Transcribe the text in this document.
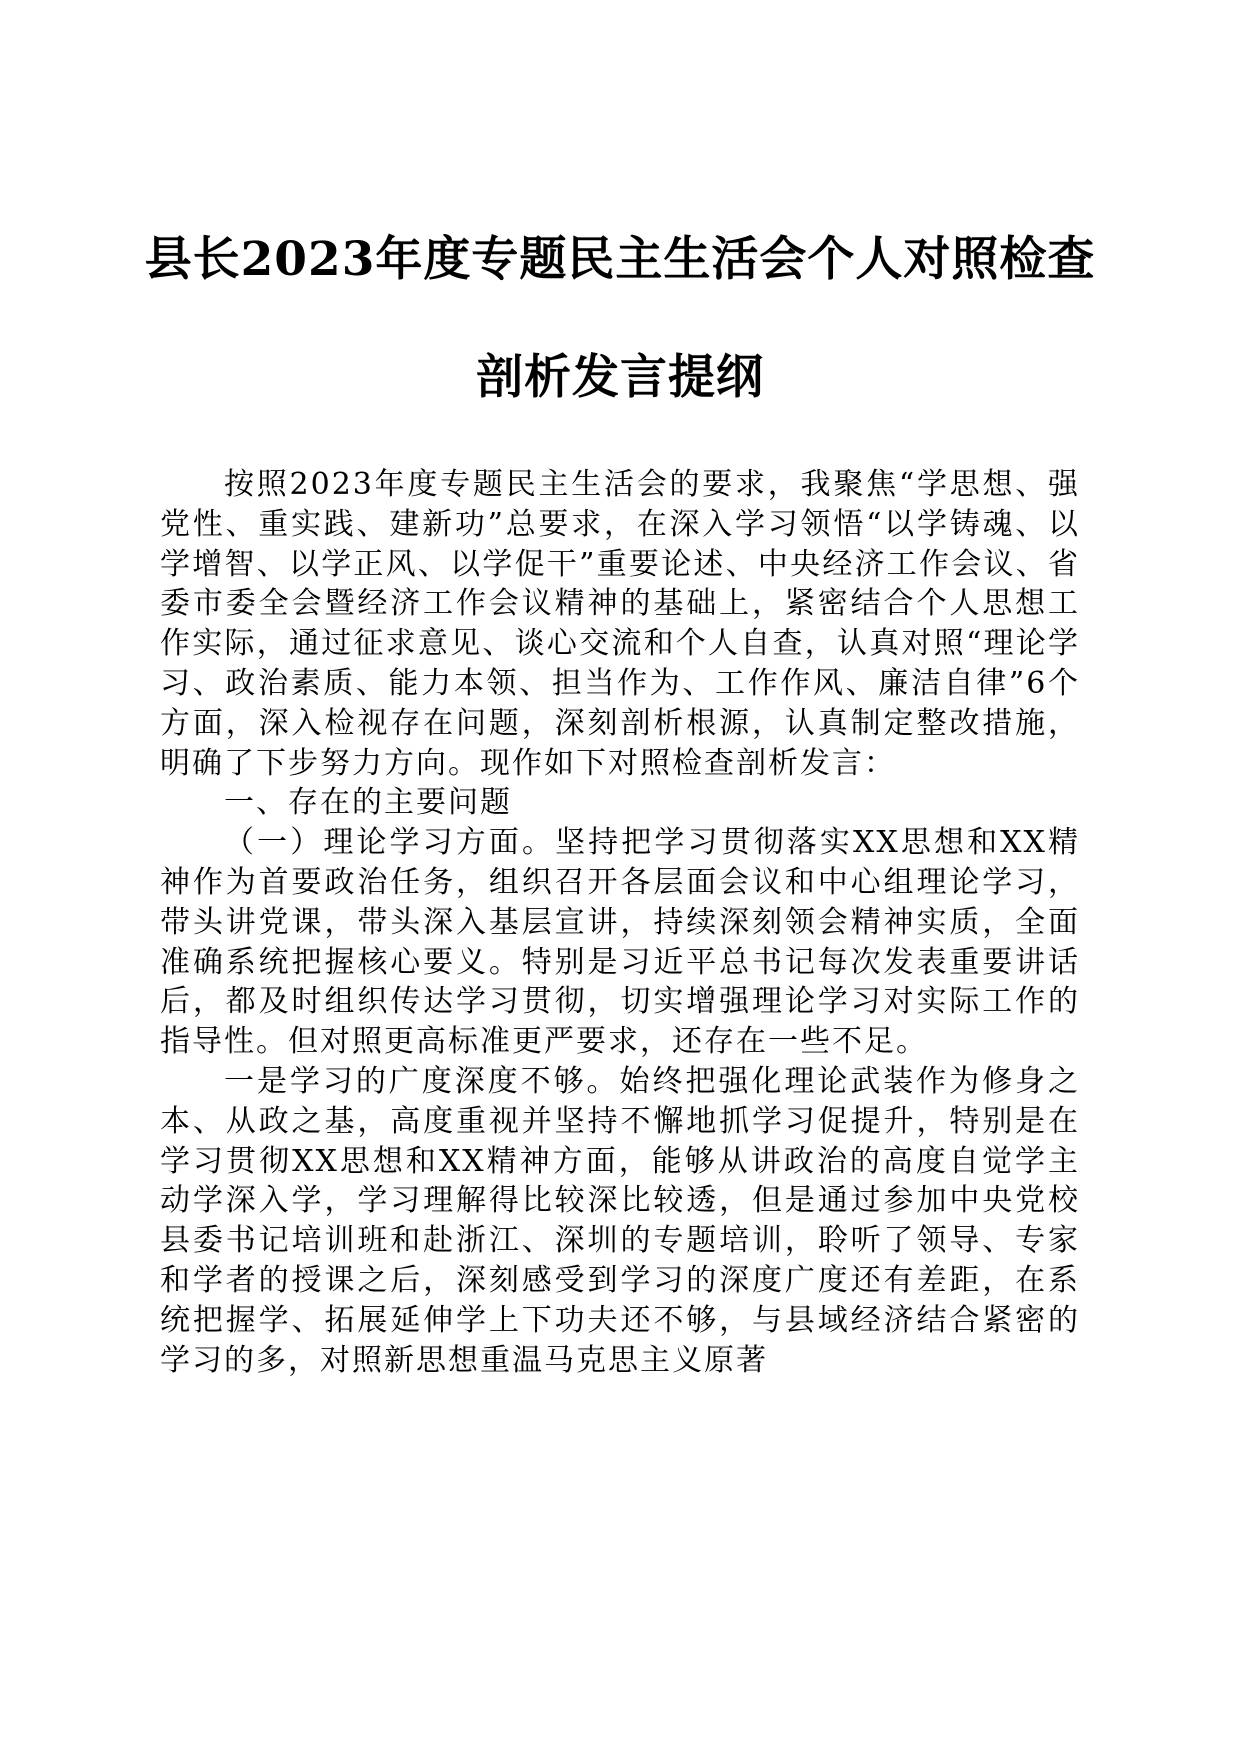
县长2023年度专题民主生活会个人对照检查
剖析发言提纲

按照2023年度专题民主生活会的要求，我聚焦“学思想、强党性、重实践、建新功”总要求，在深入学习领悟“以学铸魂、以学增智、以学正风、以学促干”重要论述、中央经济工作会议、省委市委全会暨经济工作会议精神的基础上，紧密结合个人思想工作实际，通过征求意见、谈心交流和个人自查，认真对照“理论学习、政治素质、能力本领、担当作为、工作作风、廉洁自律”6个方面，深入检视存在问题，深刻剖析根源，认真制定整改措施，明确了下步努力方向。现作如下对照检查剖析发言：

一、存在的主要问题

（一）理论学习方面。坚持把学习贯彻落实XX思想和XX精神作为首要政治任务，组织召开各层面会议和中心组理论学习，带头讲党课，带头深入基层宣讲，持续深刻领会精神实质，全面准确系统把握核心要义。特别是习近平总书记每次发表重要讲话后，都及时组织传达学习贯彻，切实增强理论学习对实际工作的指导性。但对照更高标准更严要求，还存在一些不足。

一是学习的广度深度不够。始终把强化理论武装作为修身之本、从政之基，高度重视并坚持不懈地抓学习促提升，特别是在学习贯彻XX思想和XX精神方面，能够从讲政治的高度自觉学主动学深入学，学习理解得比较深比较透，但是通过参加中央党校县委书记培训班和赴浙江、深圳的专题培训，聆听了领导、专家和学者的授课之后，深刻感受到学习的深度广度还有差距，在系统把握学、拓展延伸学上下功夫还不够，与县域经济结合紧密的学习的多，对照新思想重温马克思主义原著
